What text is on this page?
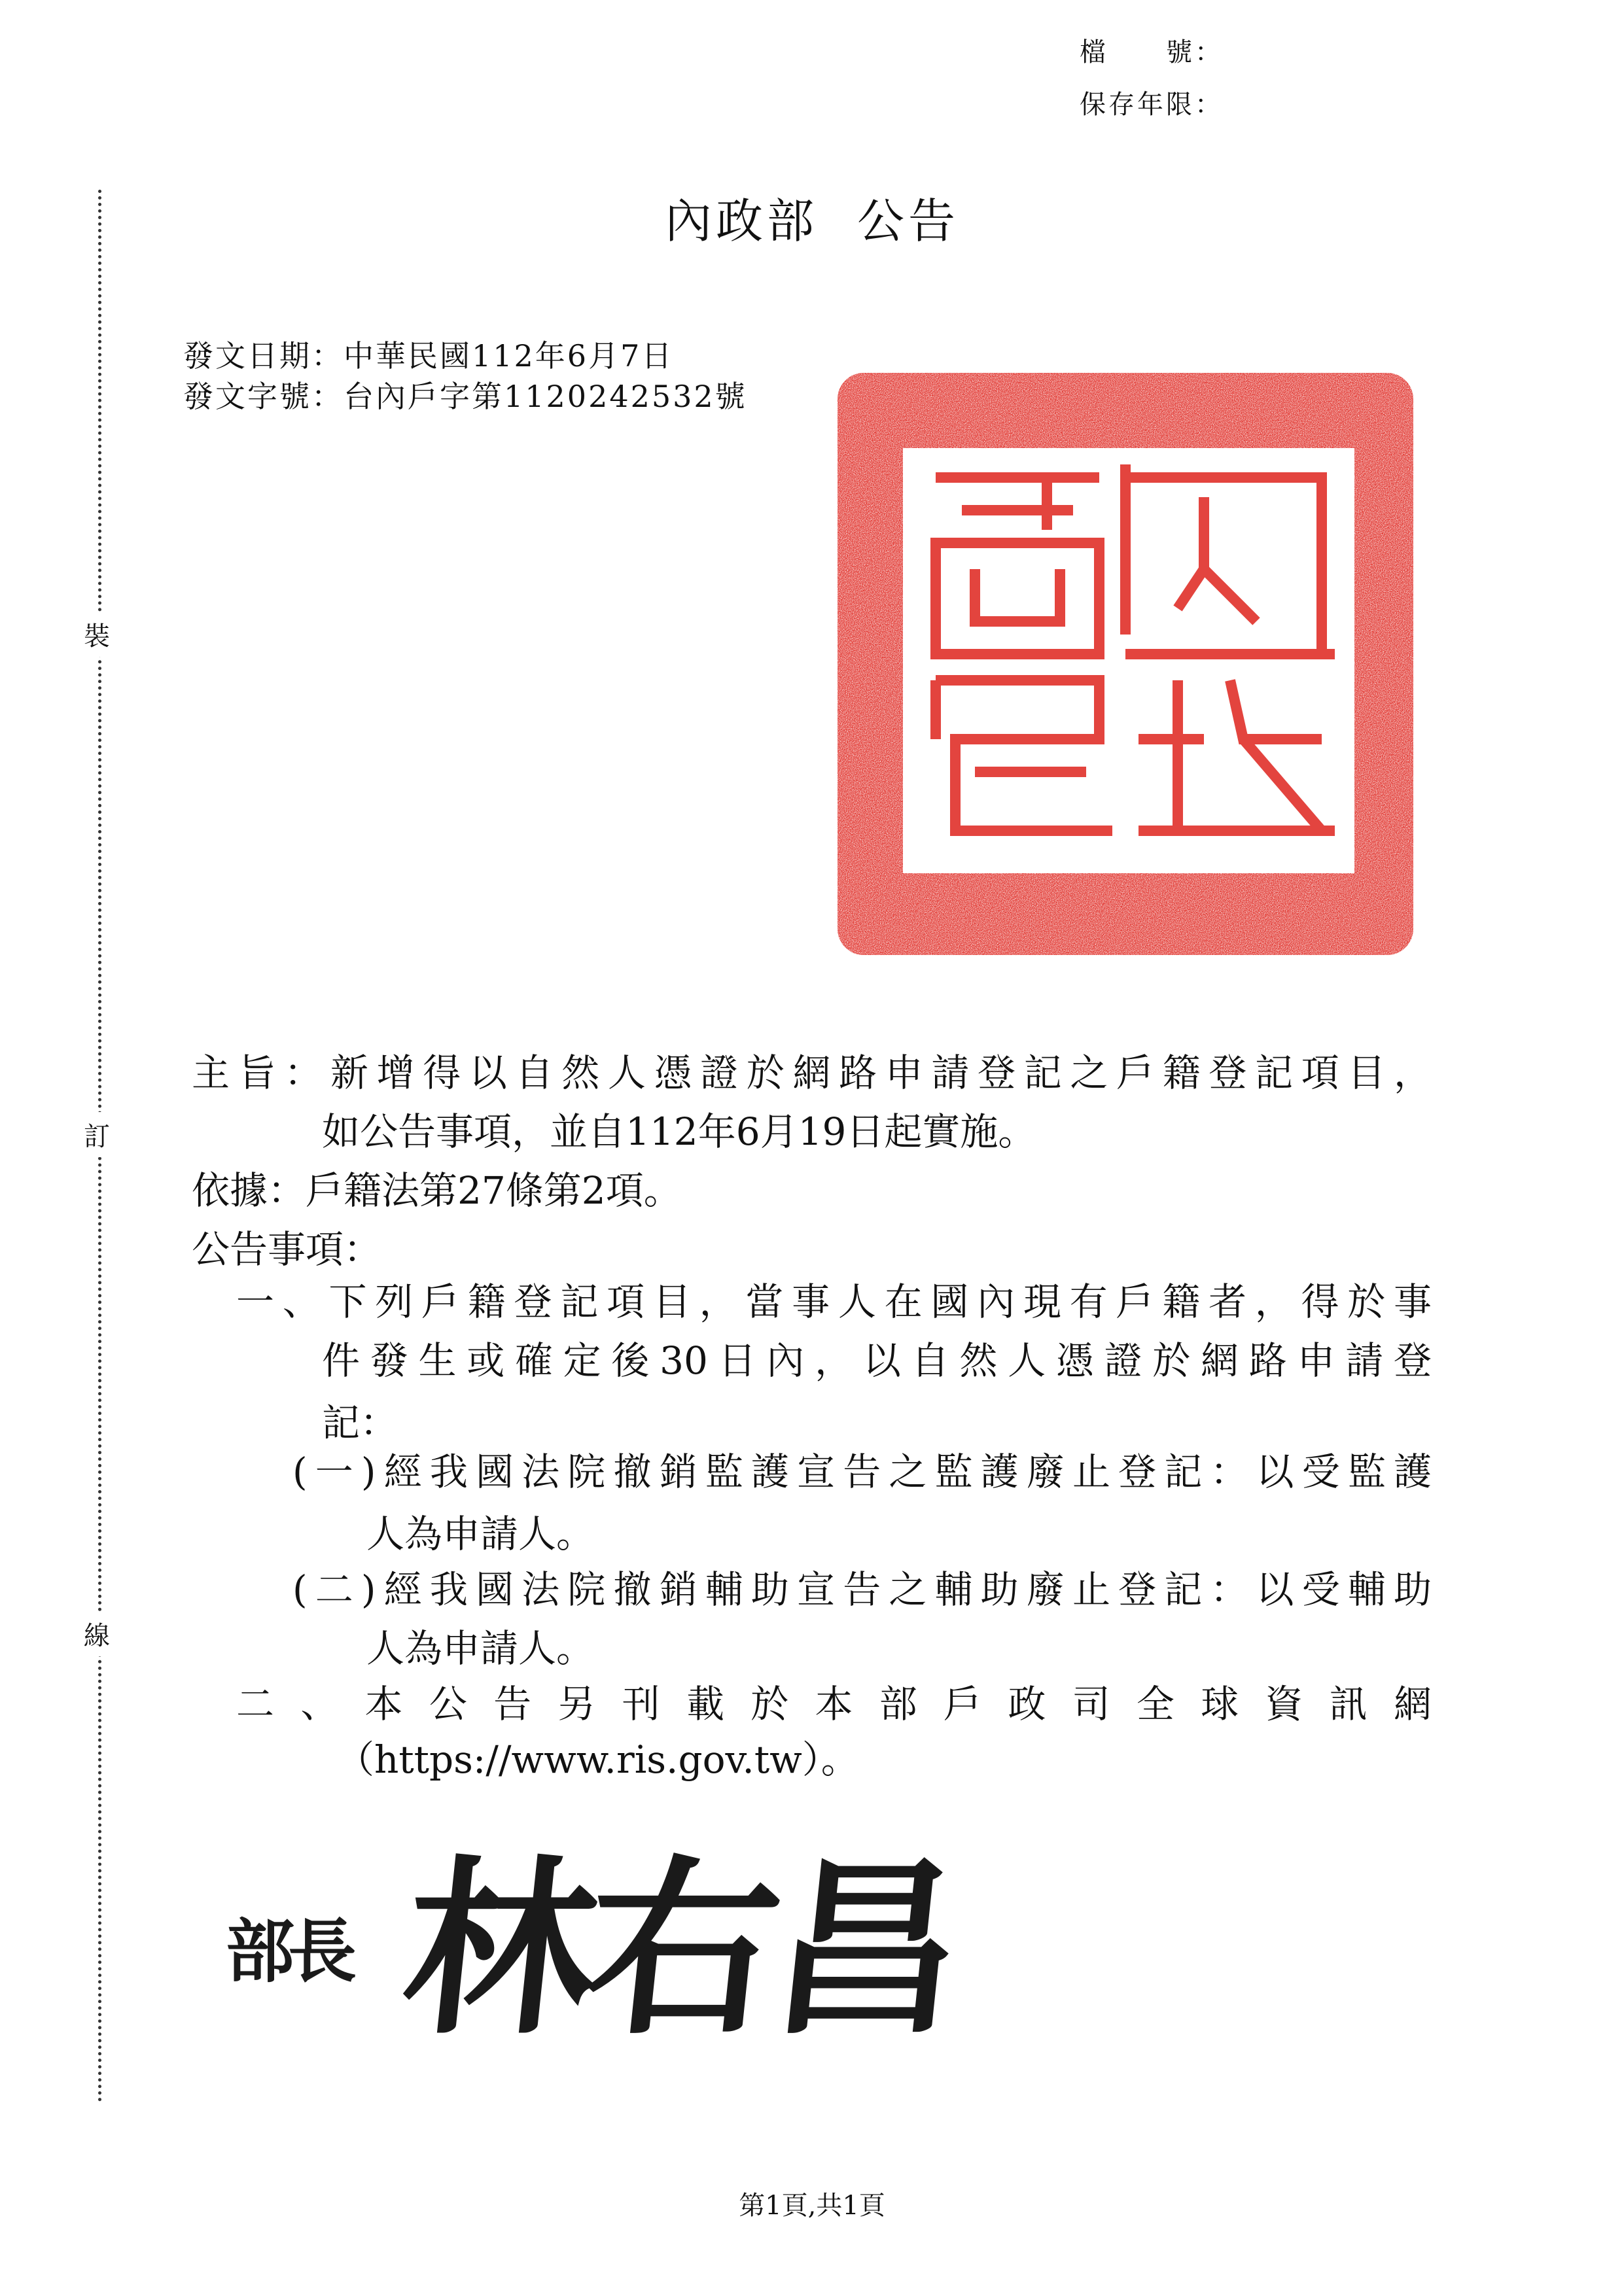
檔　　號：
保存年限：
內政部 公告
發文日期：中華民國112年6月7日
發文字號：台內戶字第1120242532號
裝
訂
線
主旨：新增得以自然人憑證於網路申請登記之戶籍登記項目，
如公告事項，並自112年6月19日起實施。
依據：戶籍法第27條第2項。
公告事項：
一、下列戶籍登記項目，當事人在國內現有戶籍者，得於事
件發生或確定後30日內，以自然人憑證於網路申請登
記：
(一)經我國法院撤銷監護宣告之監護廢止登記：以受監護
人為申請人。
(二)經我國法院撤銷輔助宣告之輔助廢止登記：以受輔助
人為申請人。
二、本公告另刊載於本部戶政司全球資訊網
（https://www.ris.gov.tw）。
部長 林右昌
第1頁,共1頁
